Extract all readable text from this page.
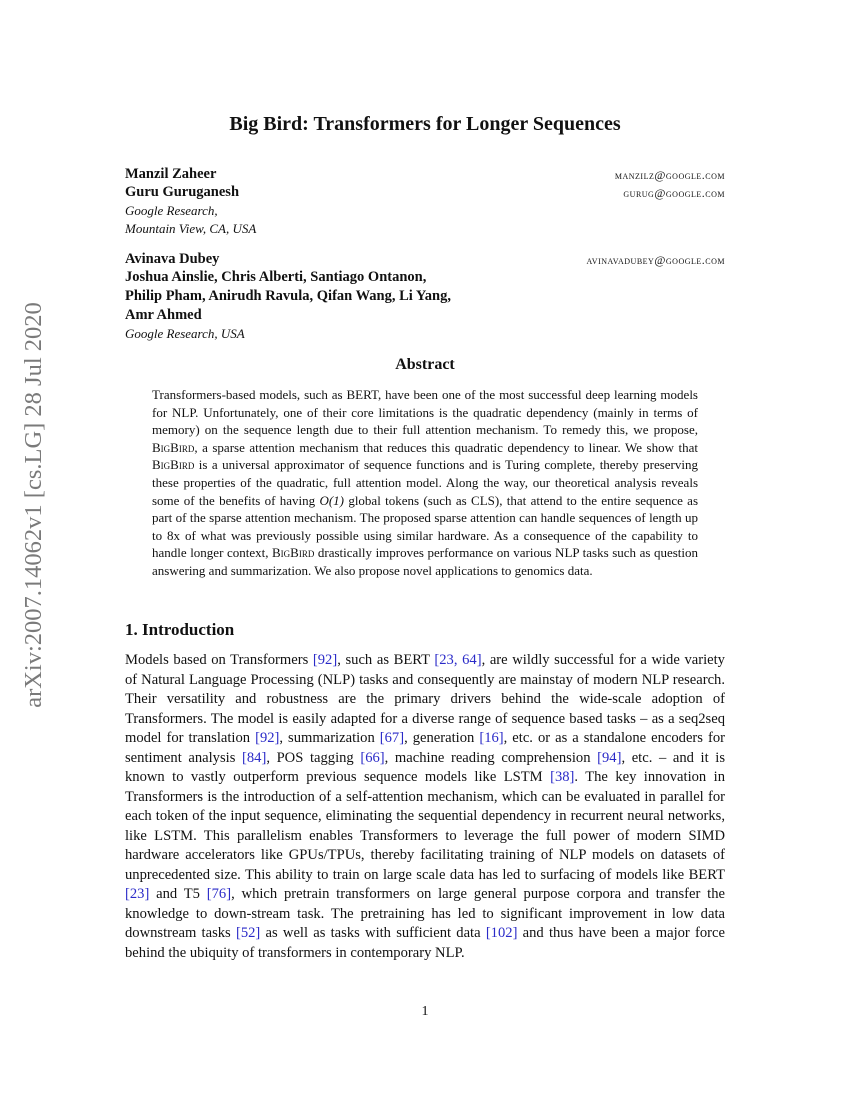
arXiv:2007.14062v1 [cs.LG] 28 Jul 2020
Big Bird: Transformers for Longer Sequences
Manzil Zaheer	manzilz@google.com
Guru Guruganesh	gurug@google.com
Google Research,
Mountain View, CA, USA
Avinava Dubey	avinavadubey@google.com
Joshua Ainslie, Chris Alberti, Santiago Ontanon,
Philip Pham, Anirudh Ravula, Qifan Wang, Li Yang,
Amr Ahmed
Google Research, USA
Abstract

Transformers-based models, such as BERT, have been one of the most successful deep learning models for NLP. Unfortunately, one of their core limitations is the quadratic dependency (mainly in terms of memory) on the sequence length due to their full attention mechanism. To remedy this, we propose, BigBird, a sparse attention mechanism that reduces this quadratic dependency to linear. We show that BigBird is a universal approximator of sequence functions and is Turing complete, thereby preserving these properties of the quadratic, full attention model. Along the way, our theoretical analysis reveals some of the benefits of having O(1) global tokens (such as CLS), that attend to the entire sequence as part of the sparse attention mechanism. The proposed sparse attention can handle sequences of length up to 8x of what was previously possible using similar hardware. As a consequence of the capability to handle longer context, BigBird drastically improves performance on various NLP tasks such as question answering and summarization. We also propose novel applications to genomics data.

1. Introduction

Models based on Transformers [92], such as BERT [23, 64], are wildly successful for a wide variety of Natural Language Processing (NLP) tasks and consequently are mainstay of modern NLP research. Their versatility and robustness are the primary drivers behind the wide-scale adoption of Transformers. The model is easily adapted for a diverse range of sequence based tasks – as a seq2seq model for translation [92], summarization [67], generation [16], etc. or as a standalone encoders for sentiment analysis [84], POS tagging [66], machine reading comprehension [94], etc. – and it is known to vastly outperform previous sequence models like LSTM [38]. The key innovation in Transformers is the introduction of a self-attention mechanism, which can be evaluated in parallel for each token of the input sequence, eliminating the sequential dependency in recurrent neural networks, like LSTM. This parallelism enables Transformers to leverage the full power of modern SIMD hardware accelerators like GPUs/TPUs, thereby facilitating training of NLP models on datasets of unprecedented size. This ability to train on large scale data has led to surfacing of models like BERT [23] and T5 [76], which pretrain transformers on large general purpose corpora and transfer the knowledge to down-stream task. The pretraining has led to significant improvement in low data downstream tasks [52] as well as tasks with sufficient data [102] and thus have been a major force behind the ubiquity of transformers in contemporary NLP.

1
